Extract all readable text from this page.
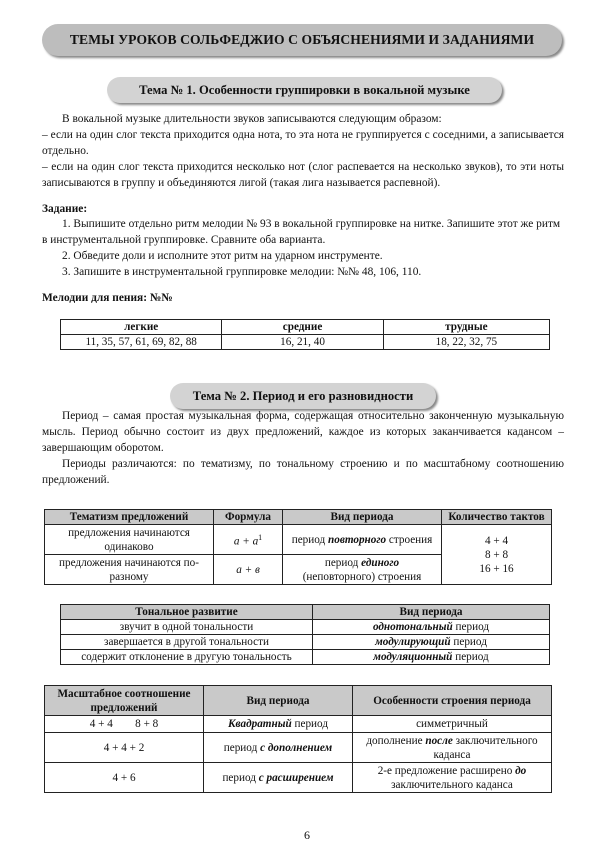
ТЕМЫ УРОКОВ СОЛЬФЕДЖИО С ОБЪЯСНЕНИЯМИ И ЗАДАНИЯМИ
Тема № 1. Особенности группировки в вокальной музыке

В вокальной музыке длительности звуков записываются следующим образом:

– если на один слог текста приходится одна нота, то эта нота не группируется с соседними, а записывается отдельно.

– если на один слог текста приходится несколько нот (слог распевается на несколько звуков), то эти ноты записываются в группу и объединяются лигой (такая лига называется распевной).

Задание:
1. Выпишите отдельно ритм мелодии № 93 в вокальной группировке на нитке. Запишите этот же ритм в инструментальной группировке. Сравните оба варианта.
2. Обведите доли и исполните этот ритм на ударном инструменте.
3. Запишите в инструментальной группировке мелодии: №№ 48, 106, 110.
Мелодии для пения: №№
легкие	средние	трудные
11, 35, 57, 61, 69, 82, 88	16, 21, 40	18, 22, 32, 75
Тема № 2. Период и его разновидности

Период – самая простая музыкальная форма, содержащая относительно законченную музыкальную мысль. Период обычно состоит из двух предложений, каждое из которых заканчивается каданcом – завершающим оборотом.

Периоды различаются: по тематизму, по тональному строению и по масштабному соотношению предложений.

Тематизм предложений	Формула	Вид периода	Количество тактов
предложения начинаются одинаково	$а + а^1$	период повторного строения	4 + 4
8 + 8
16 + 16

предложения начинаются по-разному	а + в	период единого
(неповторного) строения	
Тональное развитие	Вид периода
звучит в одной тональности	однотональный период
завершается в другой тональности	модулирующий период
содержит отклонение в другую тональность	модуляционный период
Масштабное соотношение предложений	Вид периода	Особенности строения периода
4 + 4        8 + 8	Квадратный период	симметричный
4 + 4 + 2	период с дополнением	дополнение после заключительного каданса
4 + 6	период с расширением	2-е предложение расширено до заключительного каданса
6
